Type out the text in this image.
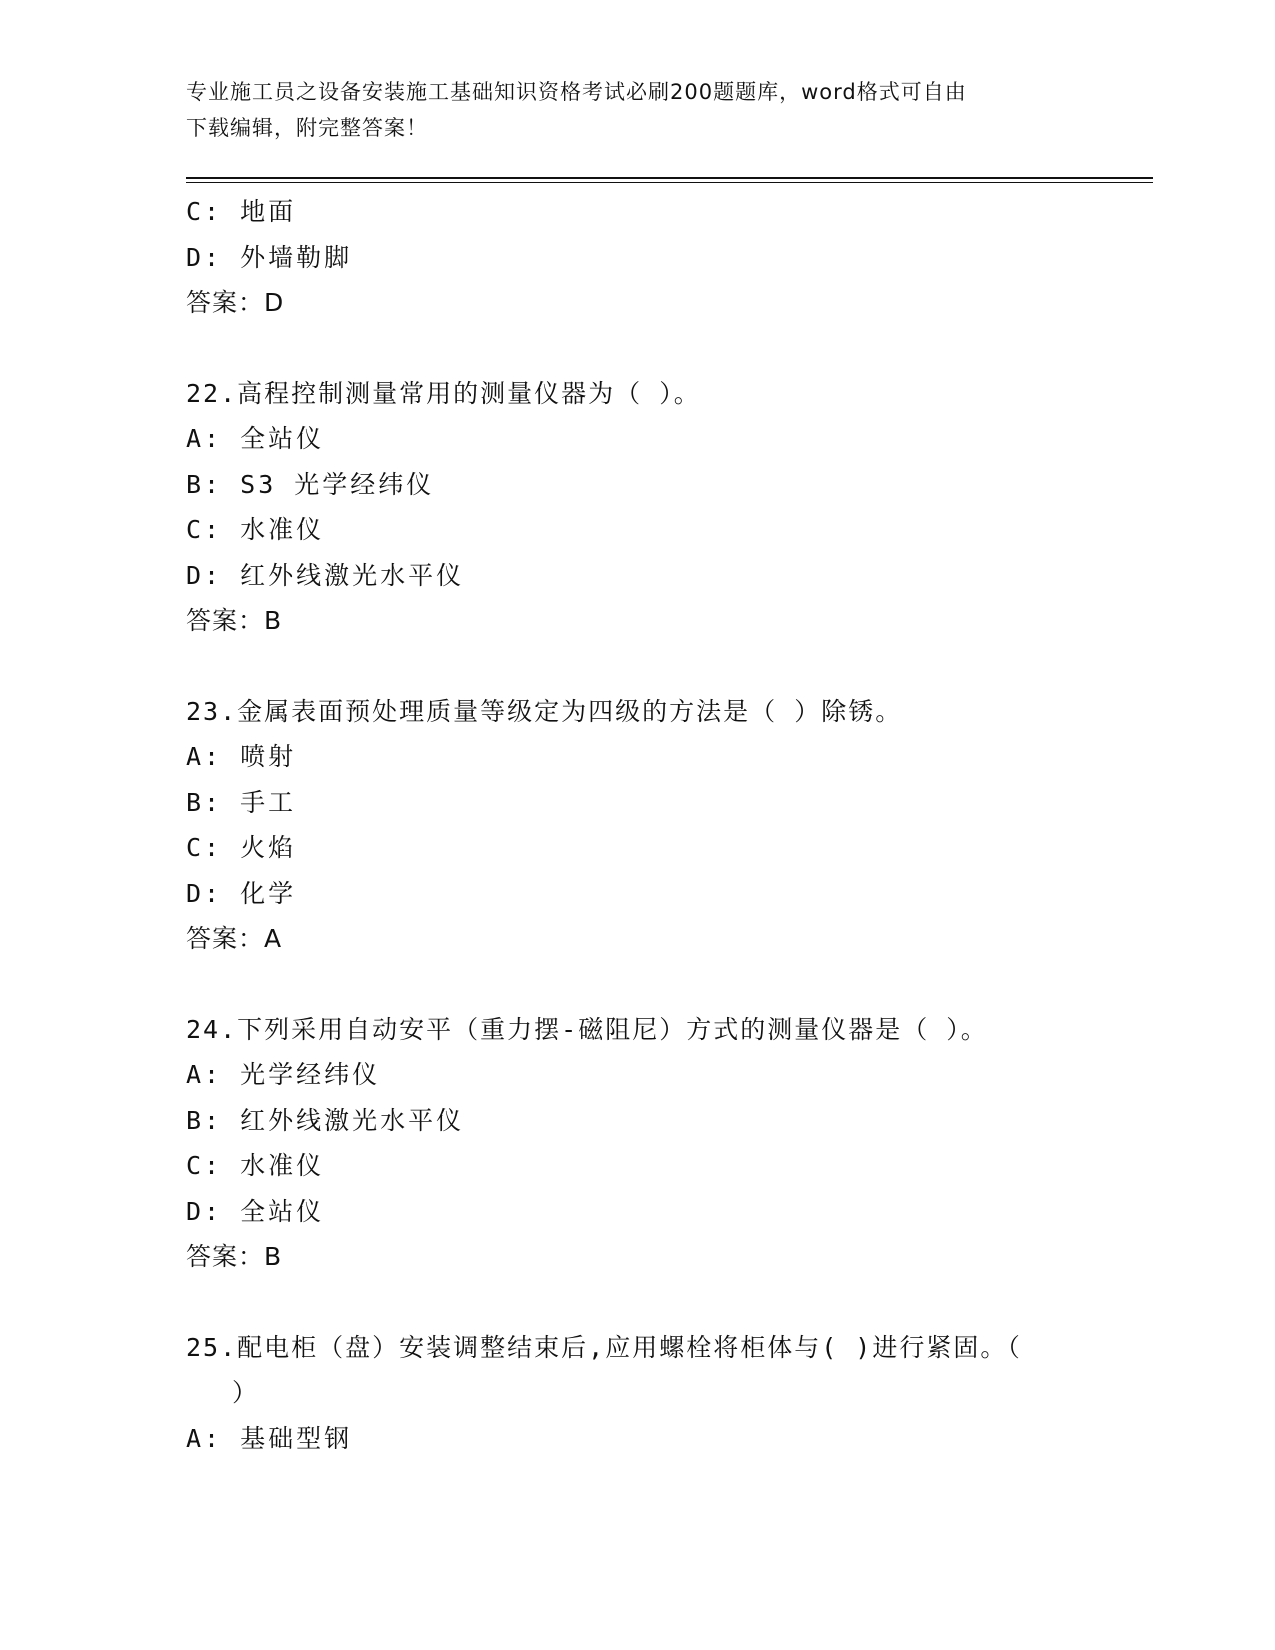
专业施工员之设备安装施工基础知识资格考试必刷200题题库，word格式可自由
下载编辑，附完整答案！
C: 地面
D: 外墙勒脚
答案：D
22.高程控制测量常用的测量仪器为（ ）。
A: 全站仪
B: S3 光学经纬仪
C: 水准仪
D: 红外线激光水平仪
答案：B
23.金属表面预处理质量等级定为四级的方法是（ ）除锈。
A: 喷射
B: 手工
C: 火焰
D: 化学
答案：A
24.下列采用自动安平（重力摆-磁阻尼）方式的测量仪器是（ ）。
A: 光学经纬仪
B: 红外线激光水平仪
C: 水准仪
D: 全站仪
答案：B
25.配电柜（盘）安装调整结束后,应用螺栓将柜体与( )进行紧固。（
）
A: 基础型钢
